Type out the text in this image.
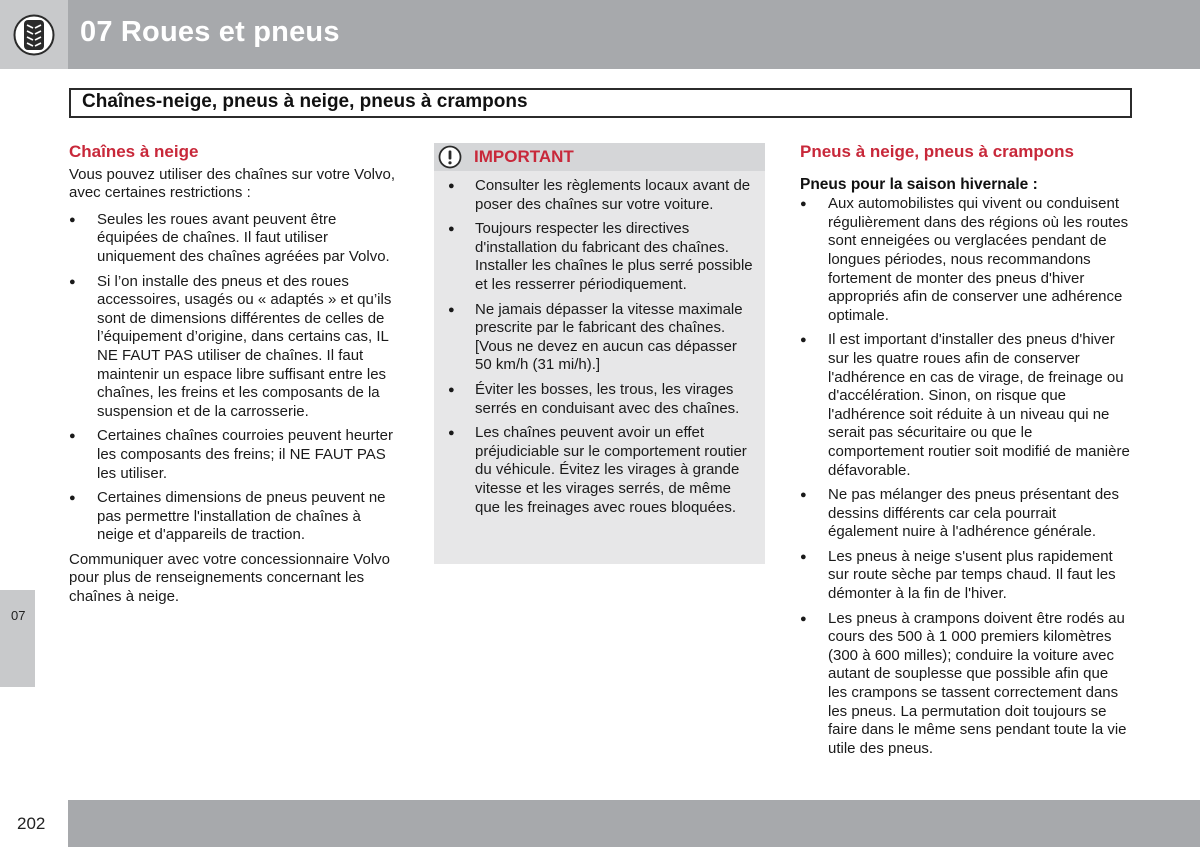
07 Roues et pneus
Chaînes-neige, pneus à neige, pneus à crampons
Chaînes à neige

Vous pouvez utiliser des chaînes sur votre Volvo, avec certaines restrictions :

● Seules les roues avant peuvent être équipées de chaînes. Il faut utiliser uniquement des chaînes agréées par Volvo.
● Si l’on installe des pneus et des roues accessoires, usagés ou « adaptés » et qu’ils sont de dimensions différentes de celles de l’équipement d’origine, dans certains cas, IL NE FAUT PAS utiliser de chaînes. Il faut maintenir un espace libre suffisant entre les chaînes, les freins et les composants de la suspension et de la carrosserie.
● Certaines chaînes courroies peuvent heurter les composants des freins; il NE FAUT PAS les utiliser.
● Certaines dimensions de pneus peuvent ne pas permettre l'installation de chaînes à neige et d'appareils de traction.

Communiquer avec votre concessionnaire Volvo pour plus de renseignements concernant les chaînes à neige.

IMPORTANT
● Consulter les règlements locaux avant de poser des chaînes sur votre voiture.
● Toujours respecter les directives d'installation du fabricant des chaînes. Installer les chaînes le plus serré possible et les resserrer périodiquement.
● Ne jamais dépasser la vitesse maximale prescrite par le fabricant des chaînes. [Vous ne devez en aucun cas dépasser 50 km/h (31 mi/h).]
● Éviter les bosses, les trous, les virages serrés en conduisant avec des chaînes.
● Les chaînes peuvent avoir un effet préjudiciable sur le comportement routier du véhicule. Évitez les virages à grande vitesse et les virages serrés, de même que les freinages avec roues bloquées.
Pneus à neige, pneus à crampons
Pneus pour la saison hivernale :
● Aux automobilistes qui vivent ou conduisent régulièrement dans des régions où les routes sont enneigées ou verglacées pendant de longues périodes, nous recommandons fortement de monter des pneus d'hiver appropriés afin de conserver une adhérence optimale.
● Il est important d'installer des pneus d'hiver sur les quatre roues afin de conserver l'adhérence en cas de virage, de freinage ou d'accélération. Sinon, on risque que l'adhérence soit réduite à un niveau qui ne serait pas sécuritaire ou que le comportement routier soit modifié de manière défavorable.
● Ne pas mélanger des pneus présentant des dessins différents car cela pourrait également nuire à l'adhérence générale.
● Les pneus à neige s'usent plus rapidement sur route sèche par temps chaud. Il faut les démonter à la fin de l'hiver.
● Les pneus à crampons doivent être rodés au cours des 500 à 1 000 premiers kilomètres (300 à 600 milles); conduire la voiture avec autant de souplesse que possible afin que les crampons se tassent correctement dans les pneus. La permutation doit toujours se faire dans le même sens pendant toute la vie utile des pneus.
07
202
